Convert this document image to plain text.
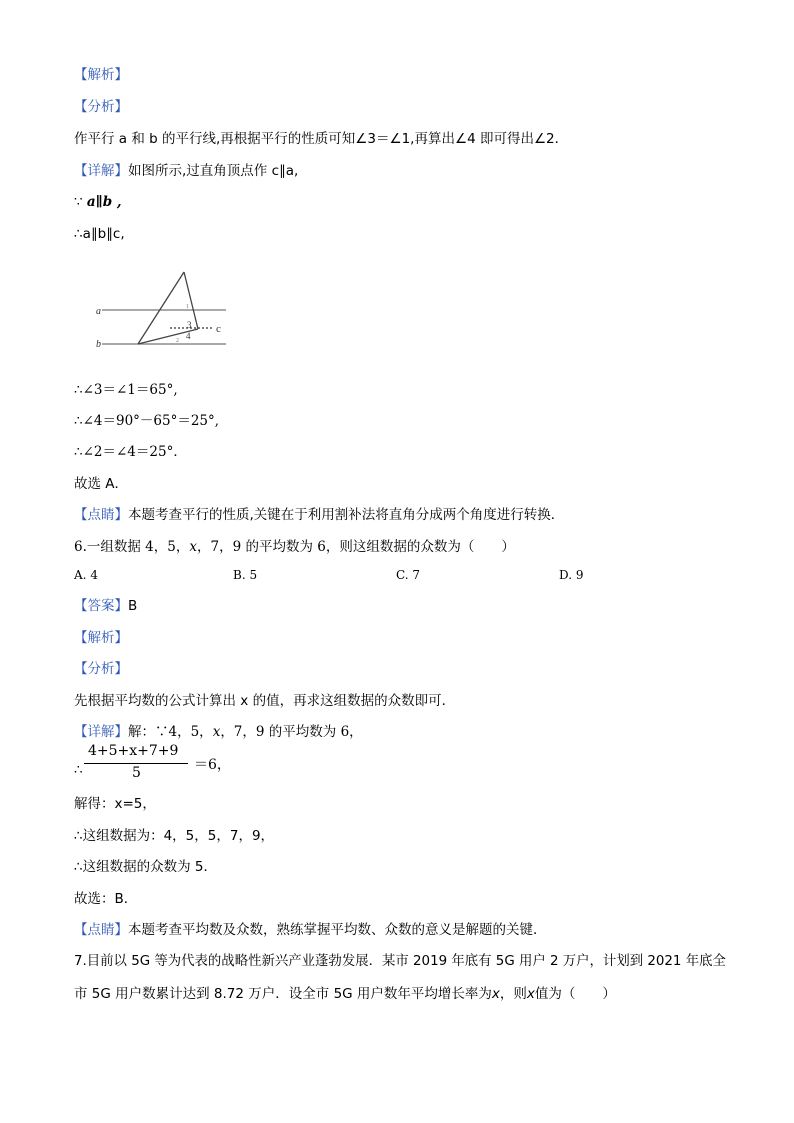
【解析】
【分析】
作平行 a 和 b 的平行线,再根据平行的性质可知∠3＝∠1,再算出∠4 即可得出∠2．
【详解】如图所示,过直角顶点作 c∥a,
∵ a∥b ,
∴a∥b∥c,
a
b
c
1
3
4
2
∴∠3＝∠1＝65°,
∴∠4＝90°－65°＝25°,
∴∠2＝∠4＝25°．
故选 A．
【点睛】本题考查平行的性质,关键在于利用割补法将直角分成两个角度进行转换．
6.一组数据 4，5，x，7，9 的平均数为 6，则这组数据的众数为（　　）
A. 4	B. 5	C. 7	D. 9
【答案】B
【解析】
【分析】
先根据平均数的公式计算出 x 的值，再求这组数据的众数即可．
【详解】解：∵4，5，x，7，9 的平均数为 6，
∴
4+5+x+7+9
5	＝6，
解得：x=5，
∴这组数据为：4，5，5，7，9，
∴这组数据的众数为 5．
故选：B．
【点睛】本题考查平均数及众数，熟练掌握平均数、众数的意义是解题的关键．
7.目前以 5G 等为代表的战略性新兴产业蓬勃发展．某市 2019 年底有 5G 用户 2 万户，计划到 2021 年底全
市 5G 用户数累计达到 8.72 万户．设全市 5G 用户数年平均增长率为x，则x值为（　　）
